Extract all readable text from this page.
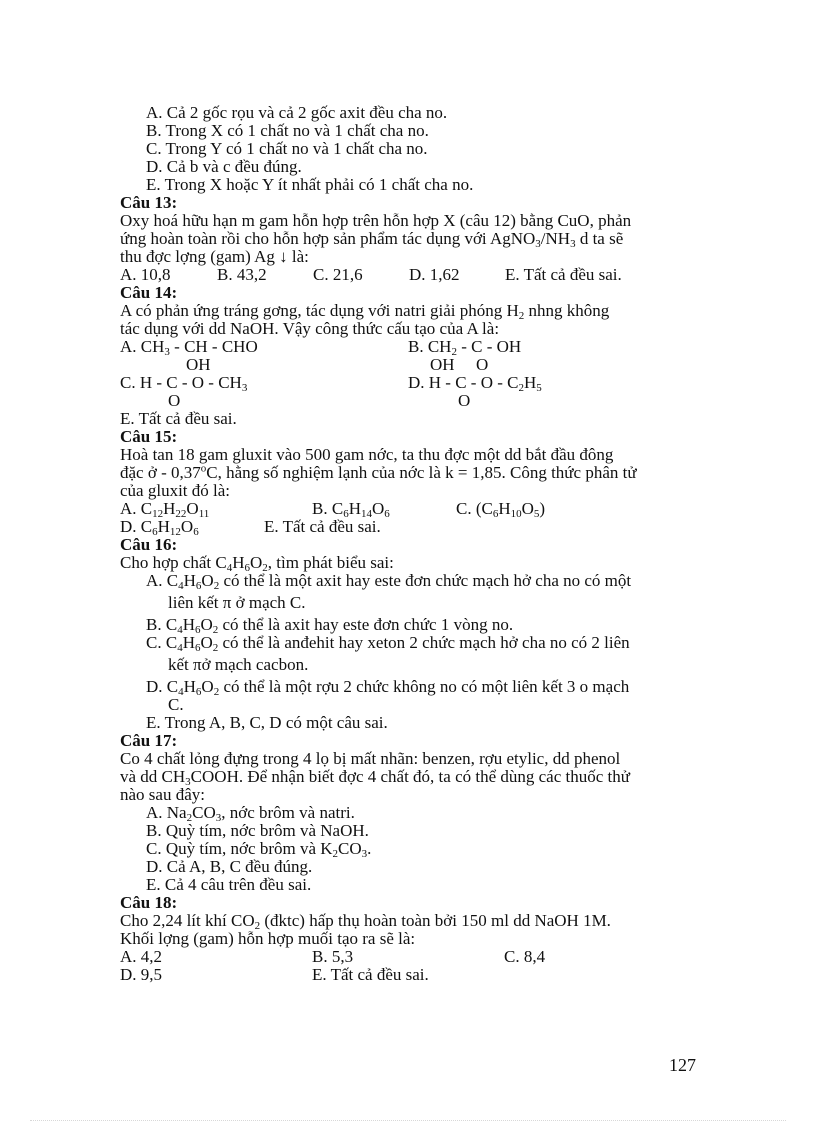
A. Cả 2 gốc rọu và cả 2 gốc axit đều cha no.
B. Trong X có 1 chất no và 1 chất cha no.
C. Trong Y có 1 chất no và 1 chất cha no.
D. Cả b và c đều đúng.
E. Trong X hoặc Y ít nhất phải có 1 chất cha no.
Câu 13:
Oxy hoá hữu hạn m gam hỗn hợp trên hỗn hợp X (câu 12) bằng CuO, phản
ứng hoàn toàn rồi cho hỗn hợp sản phẩm tác dụng với $AgNO_3/NH_3$ d ta sẽ
thu đợc lợng (gam) Ag ↓ là:
A. 10,8	B. 43,2	C. 21,6	D. 1,62	E. Tất cả đều sai.
Câu 14:
A có phản ứng tráng gơng, tác dụng với natri giải phóng $H_2$ nhng không
tác dụng với dd NaOH. Vậy công thức cấu tạo của A là:
A. $CH_3$ - CH - CHO	B. $CH_2$ - C - OH
OH	OH O
C. H - C - O - $CH_3$	D. H - C - O - $C_2H_5$
O	O
E. Tất cả đều sai.
Câu 15:
Hoà tan 18 gam gluxit vào 500 gam nớc, ta thu đợc một dd bắt đầu đông
đặc ở - 0,37$^o$C, hằng số nghiệm lạnh của nớc là k = 1,85. Công thức phân tử
của gluxit đó là:
A. $C_{12}H_{22}O_{11}$	B. $C_6H_{14}O_6$	C. $(C_6H_{10}O_5)$
D. $C_6H_{12}O_6$	E. Tất cả đều sai.
Câu 16:
Cho hợp chất $C_4H_6O_2$, tìm phát biểu sai:
A. $C_4H_6O_2$ có thể là một axit hay este đơn chức mạch hở cha no có một
liên kết π ở mạch C.
B. $C_4H_6O_2$ có thể là axit hay este đơn chức 1 vòng no.
C. $C_4H_6O_2$ có thể là anđehit hay xeton 2 chức mạch hở cha no có 2 liên
kết πở mạch cacbon.
D. $C_4H_6O_2$ có thể là một rợu 2 chức không no có một liên kết 3 o mạch
C.
E. Trong A, B, C, D có một câu sai.
Câu 17:
Co 4 chất lỏng đựng trong 4 lọ bị mất nhãn: benzen, rợu etylic, dd phenol
và dd $CH_3COOH$. Để nhận biết đợc 4 chất đó, ta có thể dùng các thuốc thử
nào sau đây:
A. $Na_2CO_3$, nớc brôm và natri.
B. Quỳ tím, nớc brôm và NaOH.
C. Quỳ tím, nớc brôm và $K_2CO_3$.
D. Cả A, B, C đều đúng.
E. Cả 4 câu trên đều sai.
Câu 18:
Cho 2,24 lít khí $CO_2$ (đktc) hấp thụ hoàn toàn bởi 150 ml dd NaOH 1M.
Khối lợng (gam) hỗn hợp muối tạo ra sẽ là:
A. 4,2	B. 5,3	C. 8,4
D. 9,5	E. Tất cả đều sai.
127
